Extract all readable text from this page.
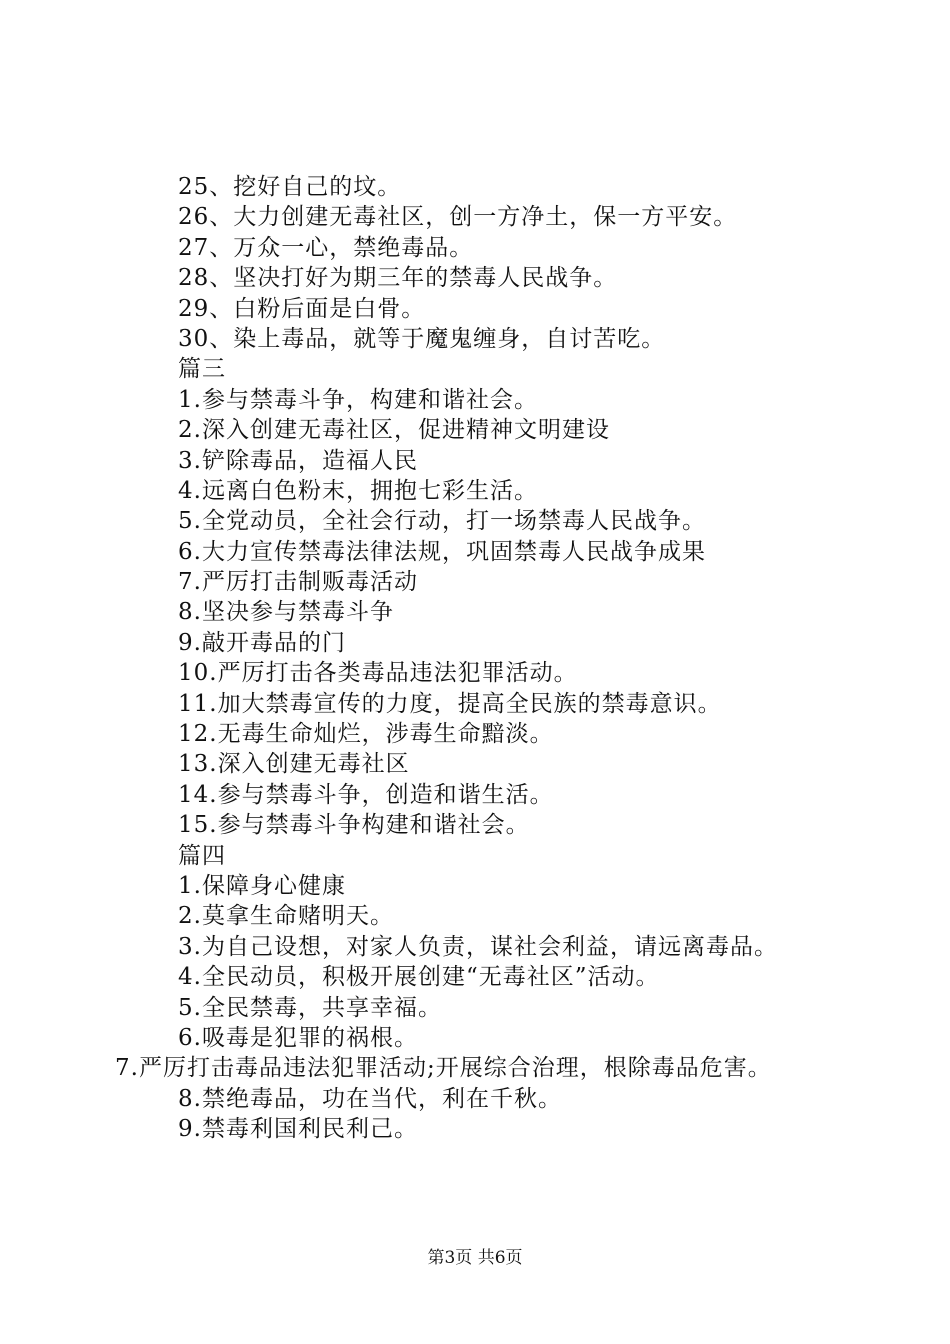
25、挖好自己的坟。
26、大力创建无毒社区，创一方净土，保一方平安。
27、万众一心，禁绝毒品。
28、坚决打好为期三年的禁毒人民战争。
29、白粉后面是白骨。
30、染上毒品，就等于魔鬼缠身，自讨苦吃。
篇三
1.参与禁毒斗争，构建和谐社会。
2.深入创建无毒社区，促进精神文明建设
3.铲除毒品，造福人民
4.远离白色粉末，拥抱七彩生活。
5.全党动员，全社会行动，打一场禁毒人民战争。
6.大力宣传禁毒法律法规，巩固禁毒人民战争成果
7.严厉打击制贩毒活动
8.坚决参与禁毒斗争
9.敲开毒品的门
10.严厉打击各类毒品违法犯罪活动。
11.加大禁毒宣传的力度，提高全民族的禁毒意识。
12.无毒生命灿烂，涉毒生命黯淡。
13.深入创建无毒社区
14.参与禁毒斗争，创造和谐生活。
15.参与禁毒斗争构建和谐社会。
篇四
1.保障身心健康
2.莫拿生命赌明天。
3.为自己设想，对家人负责，谋社会利益，请远离毒品。
4.全民动员，积极开展创建“无毒社区”活动。
5.全民禁毒，共享幸福。
6.吸毒是犯罪的祸根。
7.严厉打击毒品违法犯罪活动;开展综合治理，根除毒品危害。
8.禁绝毒品，功在当代，利在千秋。
9.禁毒利国利民利己。
第3页 共6页
